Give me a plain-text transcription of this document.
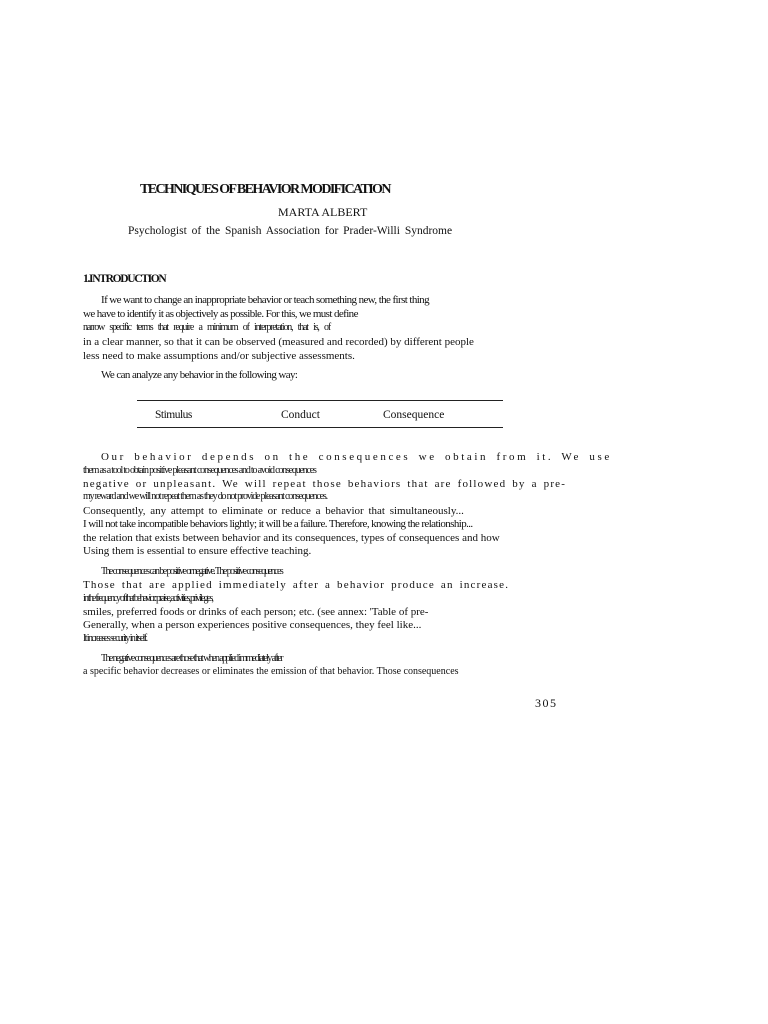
TECHNIQUES OF BEHAVIOR MODIFICATION
MARTA ALBERT
Psychologist of the Spanish Association for Prader-Willi Syndrome
1.INTRODUCTION
If we want to change an inappropriate behavior or teach something new, the first thing
we have to identify it as objectively as possible. For this, we must define
narrow specific terms that require a minimum of interpretation, that is, of
in a clear manner, so that it can be observed (measured and recorded) by different people
less need to make assumptions and/or subjective assessments.
We can analyze any behavior in the following way:
Stimulus	Conduct	Consequence
Our behavior depends on the consequences we obtain from it. We use
them as a tool to obtain positive pleasant consequences and to avoid consequences
negative or unpleasant. We will repeat those behaviors that are followed by a pre-
my reward and we will not repeat them as they do not provide pleasant consequences.
Consequently, any attempt to eliminate or reduce a behavior that simultaneously...
I will not take incompatible behaviors lightly; it will be a failure. Therefore, knowing the relationship...
the relation that exists between behavior and its consequences, types of consequences and how
Using them is essential to ensure effective teaching.
The consequences can be positive or negative. The positive consequences
Those that are applied immediately after a behavior produce an increase.
in the frequency of that behavior: praise, activities, privileges,
smiles, preferred foods or drinks of each person; etc. (see annex: 'Table of pre-
Generally, when a person experiences positive consequences, they feel like...
It increases security in itself.
The negative consequences are those that when applied immediately after
a specific behavior decreases or eliminates the emission of that behavior. Those consequences
305
